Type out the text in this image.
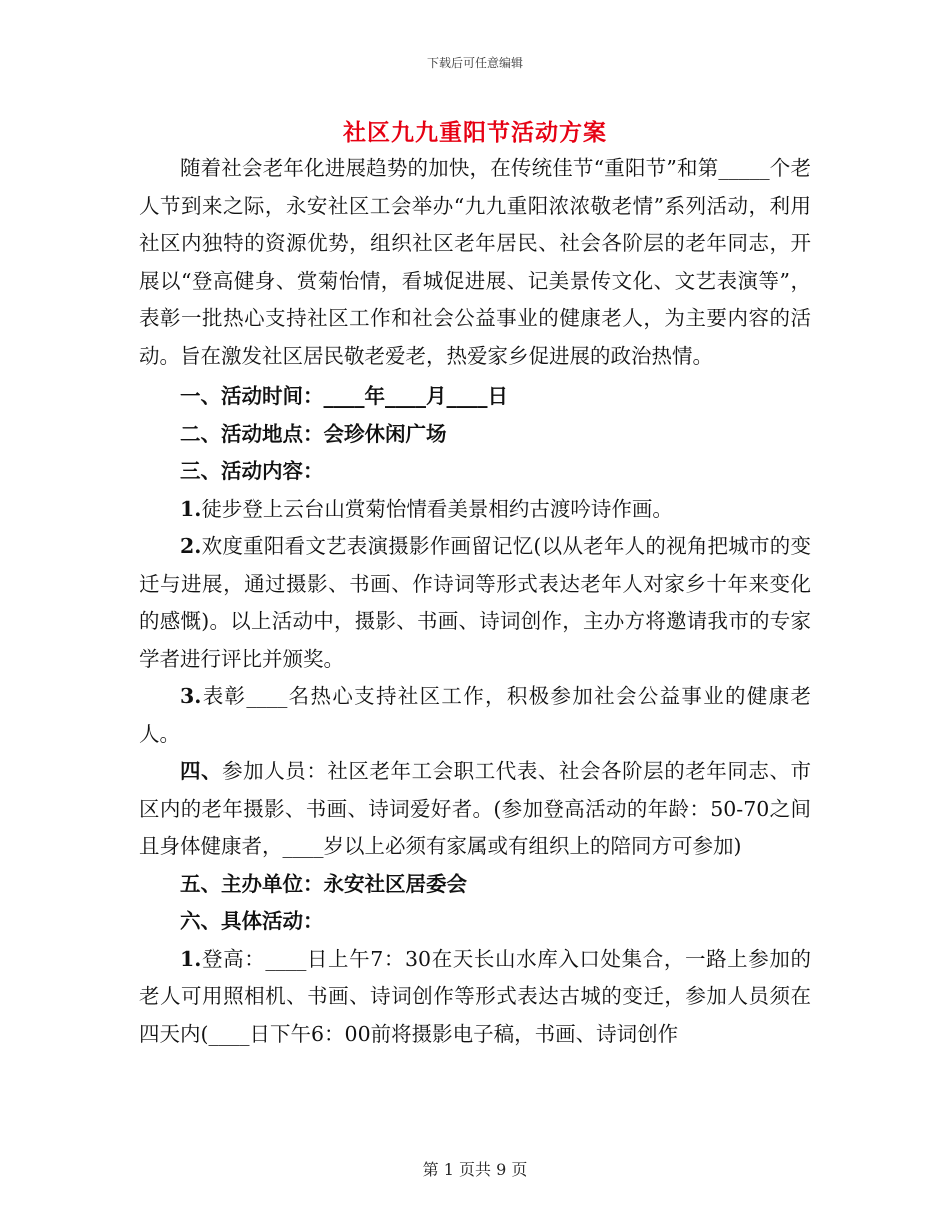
下载后可任意编辑
社区九九重阳节活动方案

随着社会老年化进展趋势的加快，在传统佳节“重阳节”和第_____个老人节到来之际，永安社区工会举办“九九重阳浓浓敬老情”系列活动，利用社区内独特的资源优势，组织社区老年居民、社会各阶层的老年同志，开展以“登高健身、赏菊怡情，看城促进展、记美景传文化、文艺表演等”，表彰一批热心支持社区工作和社会公益事业的健康老人，为主要内容的活动。旨在激发社区居民敬老爱老，热爱家乡促进展的政治热情。

一、活动时间：____年____月____日

二、活动地点：会珍休闲广场

三、活动内容：

1.徒步登上云台山赏菊怡情看美景相约古渡吟诗作画。

2.欢度重阳看文艺表演摄影作画留记忆(以从老年人的视角把城市的变迁与进展，通过摄影、书画、作诗词等形式表达老年人对家乡十年来变化的感慨)。以上活动中，摄影、书画、诗词创作，主办方将邀请我市的专家学者进行评比并颁奖。

3.表彰____名热心支持社区工作，积极参加社会公益事业的健康老人。

四、参加人员：社区老年工会职工代表、社会各阶层的老年同志、市区内的老年摄影、书画、诗词爱好者。(参加登高活动的年龄：50-70之间且身体健康者，____岁以上必须有家属或有组织上的陪同方可参加)

五、主办单位：永安社区居委会

六、具体活动：

1.登高：____日上午7：30在天长山水库入口处集合，一路上参加的老人可用照相机、书画、诗词创作等形式表达古城的变迁，参加人员须在四天内(____日下午6：00前将摄影电子稿，书画、诗词创作

第 1 页共 9 页
